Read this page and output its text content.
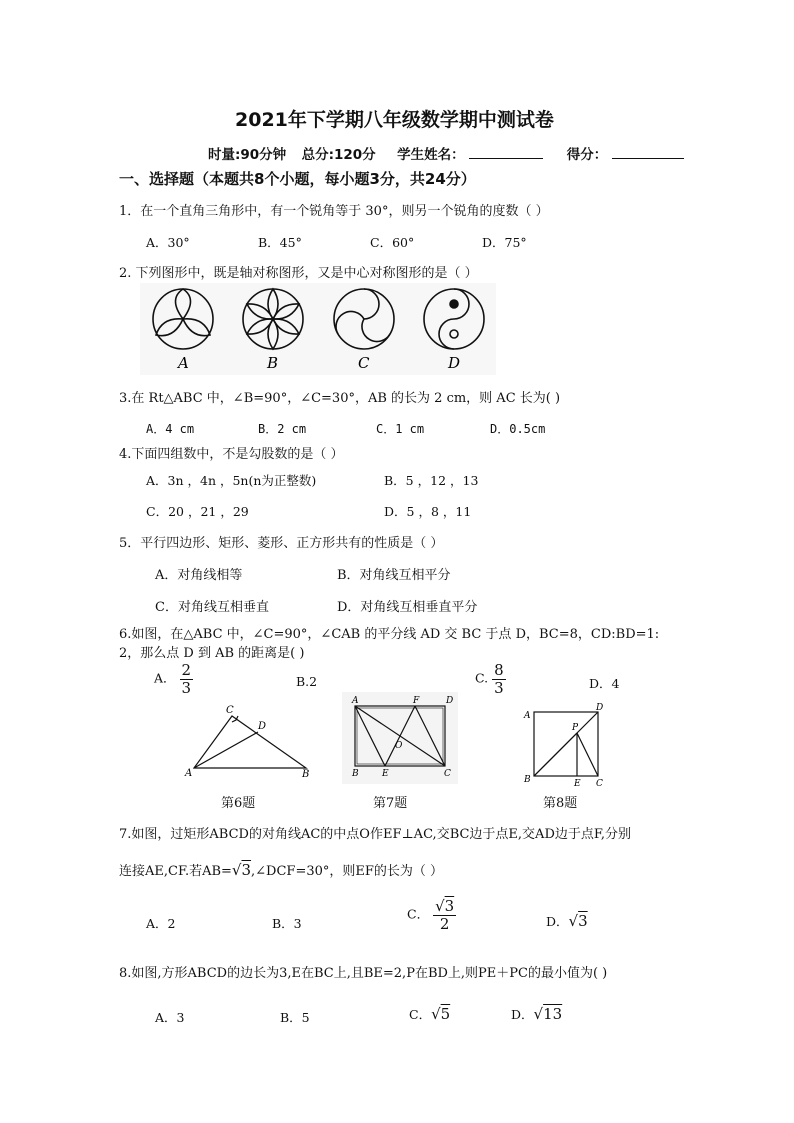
2021年下学期八年级数学期中测试卷
时量:90分钟 总分:120分 学生姓名：	得分：
一、选择题（本题共8个小题，每小题3分，共24分）
1．在一个直角三角形中，有一个锐角等于 30°，则另一个锐角的度数（ ）
A．30°	B．45°	C．60°	D．75°
2. 下列图形中，既是轴对称图形，又是中心对称图形的是（ ）
A	B	C	D
3.在 Rt△ABC 中，∠B=90°，∠C=30°，AB 的长为 2 cm，则 AC 长为( )
A．4 cm	B．2 cm	C．1 cm	D．0.5cm
4.下面四组数中，不是勾股数的是（ ）
A．3n ，4n ，5n(n为正整数)	B．5 ，12 ，13
C．20 ，21 ，29	D．5 ，8 ，11
5．平行四边形、矩形、菱形、正方形共有的性质是（ ）
A．对角线相等	B．对角线互相平分
C．对角线互相垂直	D．对角线互相垂直平分
6.如图，在△ABC 中，∠C=90°，∠CAB 的平分线 AD 交 BC 于点 D，BC=8，CD:BD=1:
2，那么点 D 到 AB 的距离是( )
A． $\frac{2}{3}$	B.2	C. $\frac{8}{3}$	D．4
C
D
A	B
A	F	D
O
B	E	C
A
D
P
B	E C
第6题	第7题	第8题
7.如图，过矩形ABCD的对角线AC的中点O作EF⊥AC,交BC边于点E,交AD边于点F,分别
连接AE,CF.若AB=√3,∠DCF=30°，则EF的长为（ ）
A．2	B．3
C． $\frac{√3}{2}$	D．√3
8.如图,方形ABCD的边长为3,E在BC上,且BE=2,P在BD上,则PE＋PC的最小值为( )
A．3	B．5	C．√5	D．√13
